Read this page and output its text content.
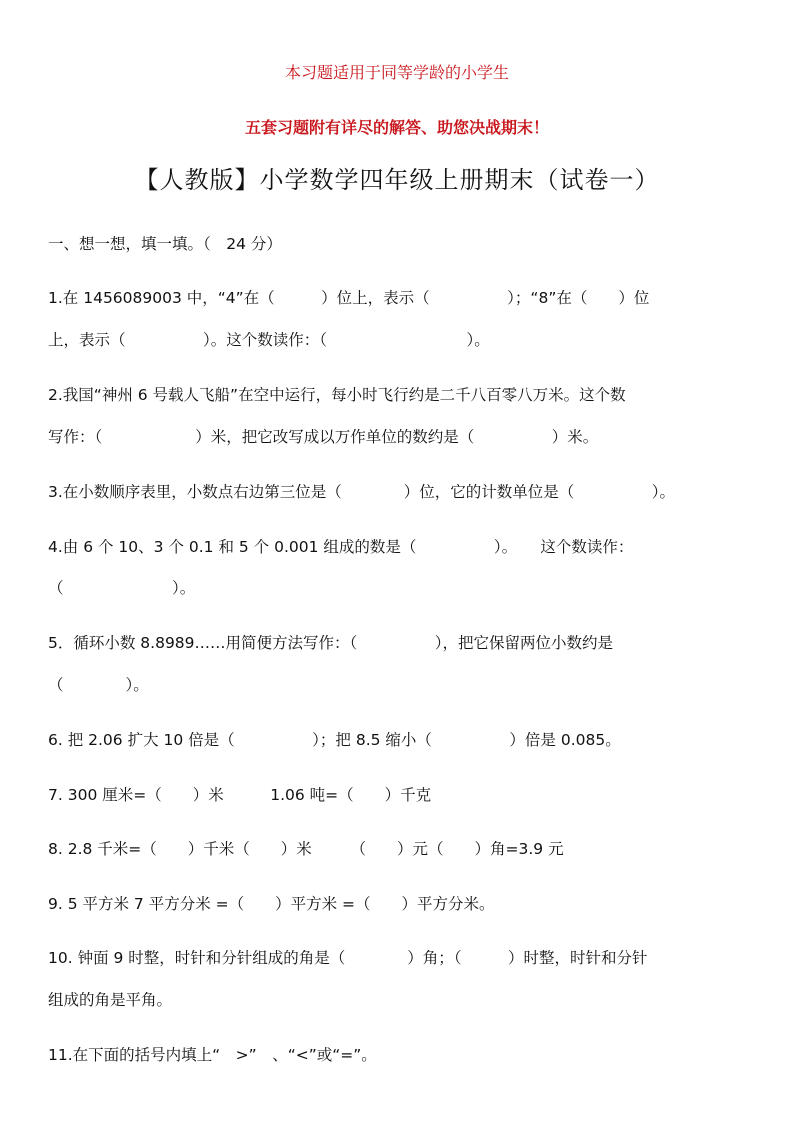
本习题适用于同等学龄的小学生
五套习题附有详尽的解答、助您决战期末！
【人教版】小学数学四年级上册期末（试卷一）
一、想一想，填一填。（　24 分）
1.在 1456089003 中，“4”在（　　　）位上，表示（　　　　　）；“8”在（　　）位
上，表示（　　　　　）。这个数读作：（　　　　　　　　　）。
2.我国“神州 6 号载人飞船”在空中运行，每小时飞行约是二千八百零八万米。这个数
写作：（　　　　　　）米，把它改写成以万作单位的数约是（　　　　　）米。
3.在小数顺序表里，小数点右边第三位是（　　　　）位，它的计数单位是（　　　　　）。
4.由 6 个 10、3 个 0.1 和 5 个 0.001 组成的数是（　　　　　）。　　这个数读作：
（　　　　　　　）。
5．循环小数 8.8989……用简便方法写作：（　　　　　），把它保留两位小数约是
（　　　　）。
6. 把 2.06 扩大 10 倍是（　　　　　）；把 8.5 缩小（　　　　　）倍是 0.085。
7. 300 厘米=（　　）米　　　1.06 吨=（　　）千克
8. 2.8 千米=（　　）千米（　　）米　　　（　　）元（　　）角=3.9 元
9. 5 平方米 7 平方分米 =（　　）平方米 =（　　）平方分米。
10. 钟面 9 时整，时针和分针组成的角是（　　　　）角；（　　　）时整，时针和分针
组成的角是平角。
11.在下面的括号内填上“　>”　、“<”或“=”。
